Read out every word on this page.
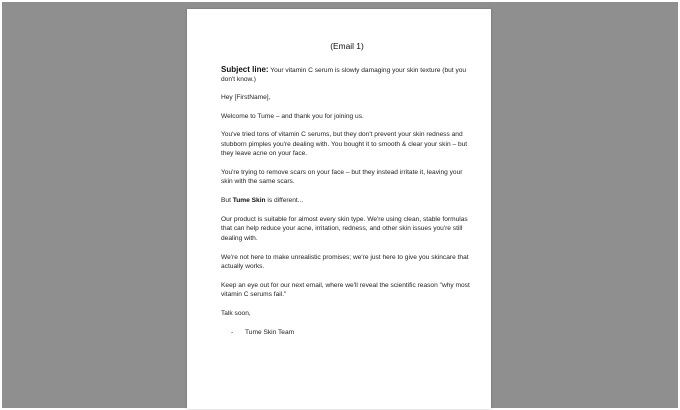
(Email 1)

Subject line: Your vitamin C serum is slowly damaging your skin texture (but you don't know.)

Hey [FirstName],

Welcome to Tume – and thank you for joining us.

You've tried tons of vitamin C serums, but they don't prevent your skin redness and stubborn pimples you're dealing with. You bought it to smooth & clear your skin – but they leave acne on your face.

You're trying to remove scars on your face – but they instead irritate it, leaving your skin with the same scars.

But Tume Skin is different...

Our product is suitable for almost every skin type. We're using clean, stable formulas that can help reduce your acne, irritation, redness, and other skin issues you're still dealing with.

We're not here to make unrealistic promises; we're just here to give you skincare that actually works.

Keep an eye out for our next email, where we'll reveal the scientific reason "why most vitamin C serums fail."

Talk soon,

-	Tume Skin Team
